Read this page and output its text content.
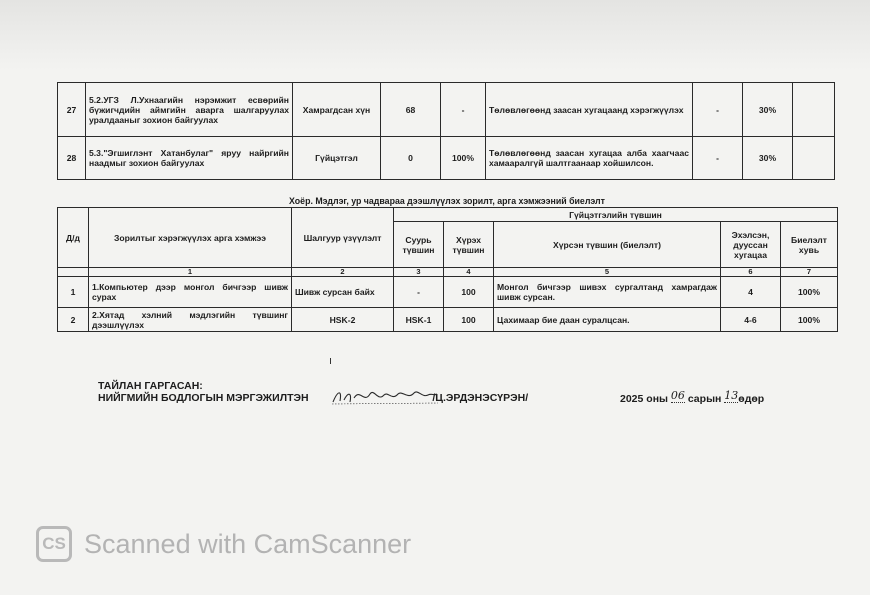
27	5.2.УГЗ Л.Ухнаагийн нэрэмжит есвөрийн бүжигчдийн аймгийн аварга шалгаруулах уралдааныг зохион байгуулах	Хамрагдсан хүн	68	-	Төлөвлөгөөнд заасан хугацаанд хэрэгжүүлэх	-	30%	
28	5.3."Эгшиглэнт Хатанбулаг" яруу найргийн наадмыг зохион байгуулах	Гүйцэтгэл	0	100%	Төлөвлөгөөнд заасан хугацаа алба хаагчаас хамааралгүй шалтгаанаар хойшилсон.	-	30%	
Хоёр. Мэдлэг, ур чадвараа дээшлүүлэх зорилт, арга хэмжээний биелэлт
Д/д	Зорилтыг хэрэгжүүлэх арга хэмжээ	Шалгуур үзүүлэлт	Гүйцэтгэлийн түвшин				
			Суурь түвшин	Хүрэх түвшин	Хүрсэн түвшин (биелэлт)	Эхэлсэн, дууссан хугацаа	Биелэлт хувь
	1	2	3	4	5	6	7
1	1.Компьютер дээр монгол бичгээр шивж сурах	Шивж сурсан байх	-	100	Монгол бичгээр шивэх сургалтанд хамрагдаж шивж сурсан.	4	100%
2	2.Хятад хэлний мэдлэгийн түвшинг дээшлүүлэх	HSK-2	HSK-1	100	Цахимаар бие даан суралцсан.	4-6	100%
ТАЙЛАН ГАРГАСАН:
НИЙГМИЙН БОДЛОГЫН МЭРГЭЖИЛТЭН	/Ц.ЭРДЭНЭСҮРЭН/	2025 оны 06 сарын 13өдөр
CS Scanned with CamScanner
